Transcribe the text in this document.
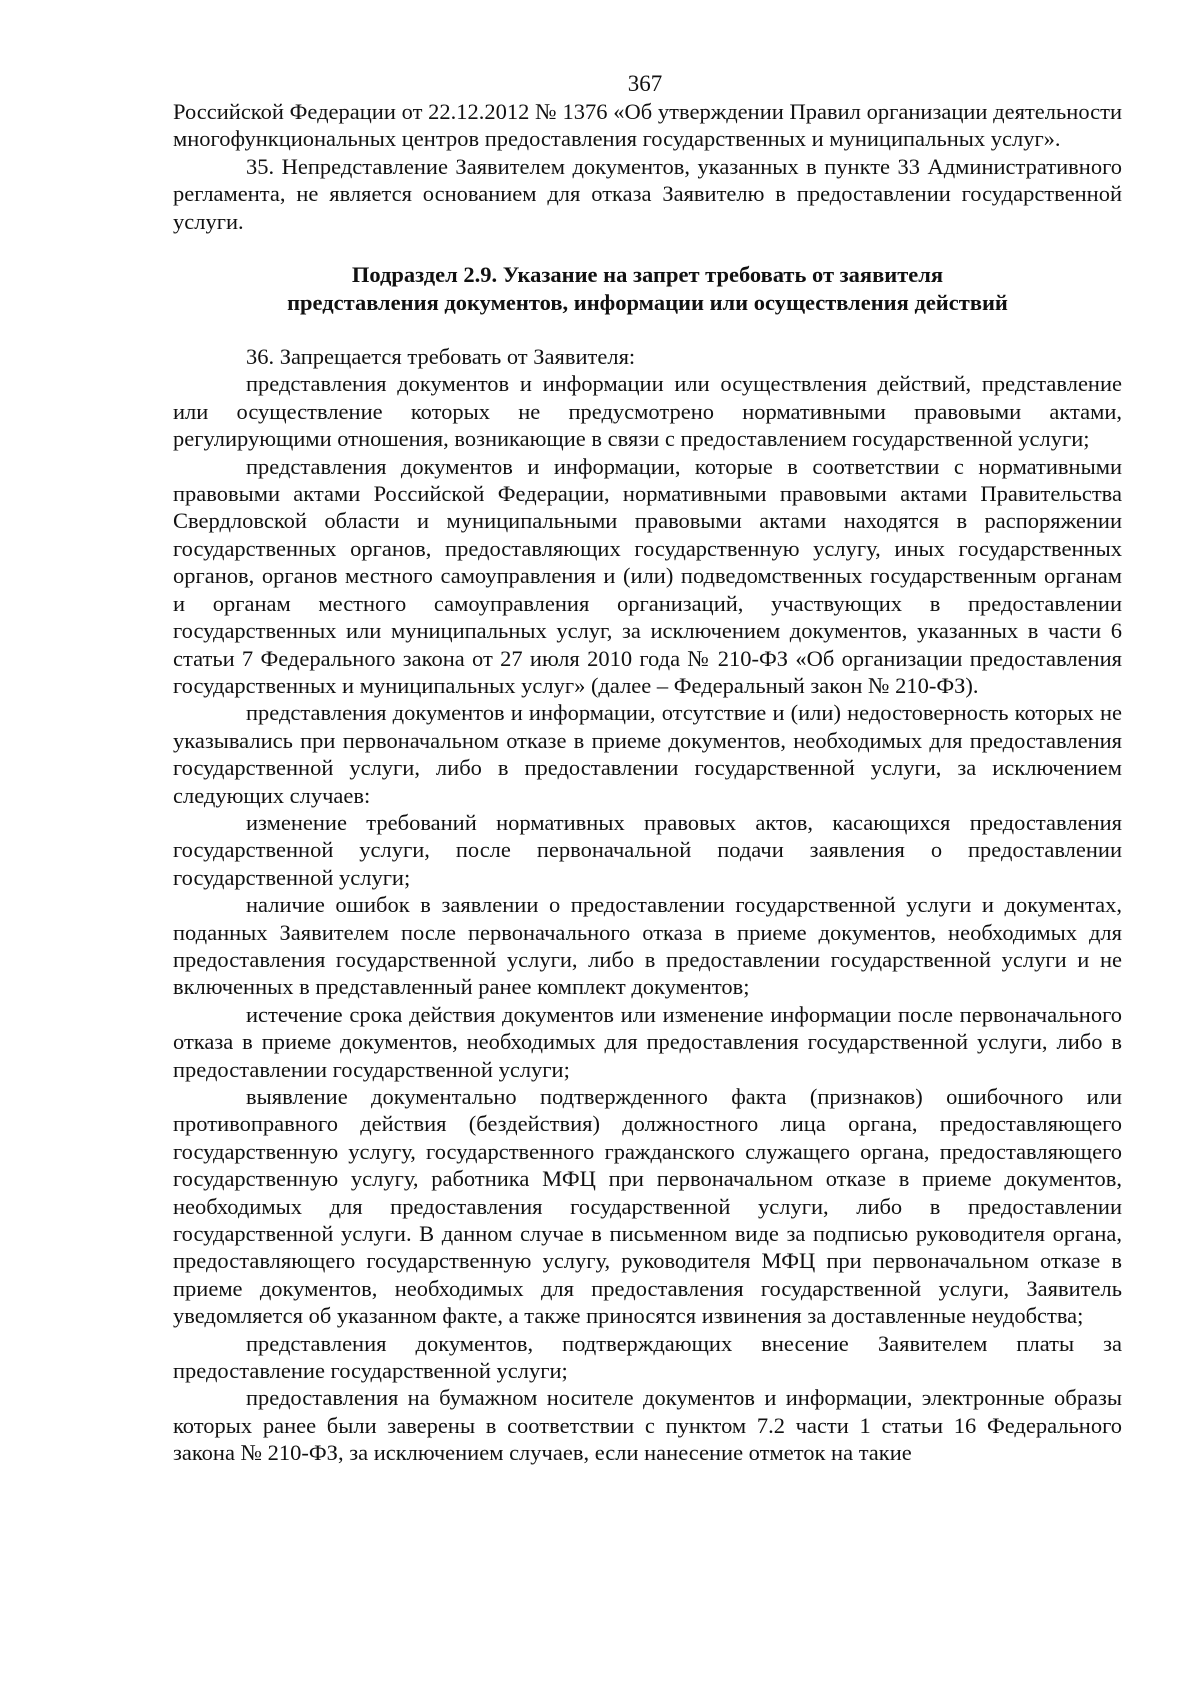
367

Российской Федерации от 22.12.2012 № 1376 «Об утверждении Правил организации деятельности многофункциональных центров предоставления государственных и муниципальных услуг».

35. Непредставление Заявителем документов, указанных в пункте 33 Административного регламента, не является основанием для отказа Заявителю в предоставлении государственной услуги.

Подраздел 2.9. Указание на запрет требовать от заявителя
представления документов, информации или осуществления действий

36. Запрещается требовать от Заявителя:

представления документов и информации или осуществления действий, представление или осуществление которых не предусмотрено нормативными правовыми актами, регулирующими отношения, возникающие в связи с предоставлением государственной услуги;

представления документов и информации, которые в соответствии с нормативными правовыми актами Российской Федерации, нормативными правовыми актами Правительства Свердловской области и муниципальными правовыми актами находятся в распоряжении государственных органов, предоставляющих государственную услугу, иных государственных органов, органов местного самоуправления и (или) подведомственных государственным органам и органам местного самоуправления организаций, участвующих в предоставлении государственных или муниципальных услуг, за исключением документов, указанных в части 6 статьи 7 Федерального закона от 27 июля 2010 года № 210-ФЗ «Об организации предоставления государственных и муниципальных услуг» (далее – Федеральный закон № 210-ФЗ).

представления документов и информации, отсутствие и (или) недостоверность которых не указывались при первоначальном отказе в приеме документов, необходимых для предоставления государственной услуги, либо в предоставлении государственной услуги, за исключением следующих случаев:

изменение требований нормативных правовых актов, касающихся предоставления государственной услуги, после первоначальной подачи заявления о предоставлении государственной услуги;

наличие ошибок в заявлении о предоставлении государственной услуги и документах, поданных Заявителем после первоначального отказа в приеме документов, необходимых для предоставления государственной услуги, либо в предоставлении государственной услуги и не включенных в представленный ранее комплект документов;

истечение срока действия документов или изменение информации после первоначального отказа в приеме документов, необходимых для предоставления государственной услуги, либо в предоставлении государственной услуги;

выявление документально подтвержденного факта (признаков) ошибочного или противоправного действия (бездействия) должностного лица органа, предоставляющего государственную услугу, государственного гражданского служащего органа, предоставляющего государственную услугу, работника МФЦ при первоначальном отказе в приеме документов, необходимых для предоставления государственной услуги, либо в предоставлении государственной услуги. В данном случае в письменном виде за подписью руководителя органа, предоставляющего государственную услугу, руководителя МФЦ при первоначальном отказе в приеме документов, необходимых для предоставления государственной услуги, Заявитель уведомляется об указанном факте, а также приносятся извинения за доставленные неудобства;

представления документов, подтверждающих внесение Заявителем платы за предоставление государственной услуги;

предоставления на бумажном носителе документов и информации, электронные образы которых ранее были заверены в соответствии с пунктом 7.2 части 1 статьи 16 Федерального закона № 210-ФЗ, за исключением случаев, если нанесение отметок на такие
